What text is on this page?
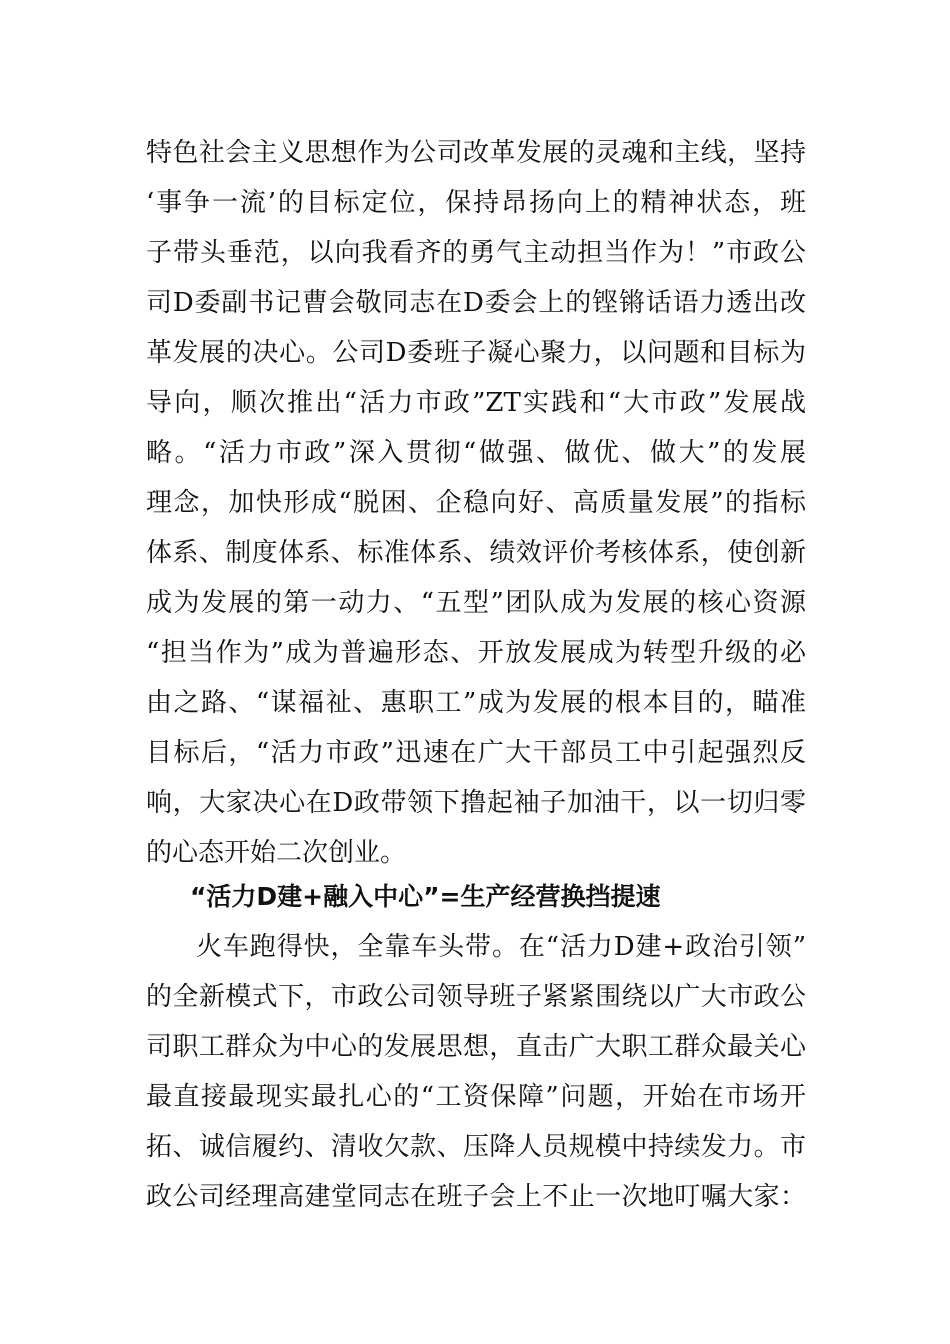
特色社会主义思想作为公司改革发展的灵魂和主线，坚持
‘事争一流’的目标定位，保持昂扬向上的精神状态，班
子带头垂范，以向我看齐的勇气主动担当作为！”市政公
司D委副书记曹会敬同志在D委会上的铿锵话语力透出改
革发展的决心。公司D委班子凝心聚力，以问题和目标为
导向，顺次推出“活力市政”ZT实践和“大市政”发展战
略。“活力市政”深入贯彻“做强、做优、做大”的发展
理念，加快形成“脱困、企稳向好、高质量发展”的指标
体系、制度体系、标准体系、绩效评价考核体系，使创新
成为发展的第一动力、“五型”团队成为发展的核心资源
“担当作为”成为普遍形态、开放发展成为转型升级的必
由之路、“谋福祉、惠职工”成为发展的根本目的，瞄准
目标后，“活力市政”迅速在广大干部员工中引起强烈反
响，大家决心在D政带领下撸起袖子加油干，以一切归零
的心态开始二次创业。
“活力D建+融入中心”=生产经营换挡提速
火车跑得快，全靠车头带。在“活力D建+政治引领”
的全新模式下，市政公司领导班子紧紧围绕以广大市政公
司职工群众为中心的发展思想，直击广大职工群众最关心
最直接最现实最扎心的“工资保障”问题，开始在市场开
拓、诚信履约、清收欠款、压降人员规模中持续发力。市
政公司经理高建堂同志在班子会上不止一次地叮嘱大家：
